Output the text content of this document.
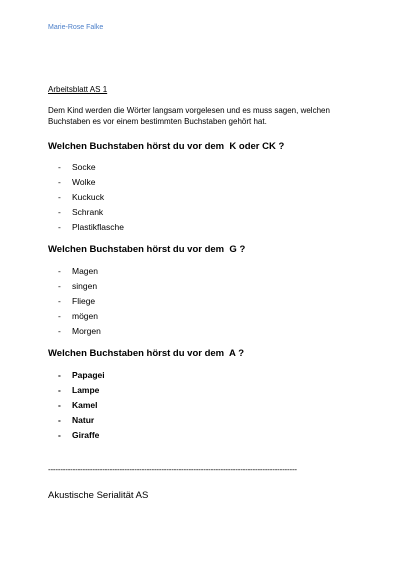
Marie-Rose Falke
Arbeitsblatt AS 1
Dem Kind werden die Wörter langsam vorgelesen und es muss sagen, welchen Buchstaben es vor einem bestimmten Buchstaben gehört hat.
Welchen Buchstaben hörst du vor dem  K oder CK ?
- Socke
- Wolke
- Kuckuck
- Schrank
- Plastikflasche
Welchen Buchstaben hörst du vor dem  G ?
- Magen
- singen
- Fliege
- mögen
- Morgen
Welchen Buchstaben hörst du vor dem  A ?
- Papagei
- Lampe
- Kamel
- Natur
- Giraffe
-----------------------------------------------------------------------------------------------------
Akustische Serialität AS
